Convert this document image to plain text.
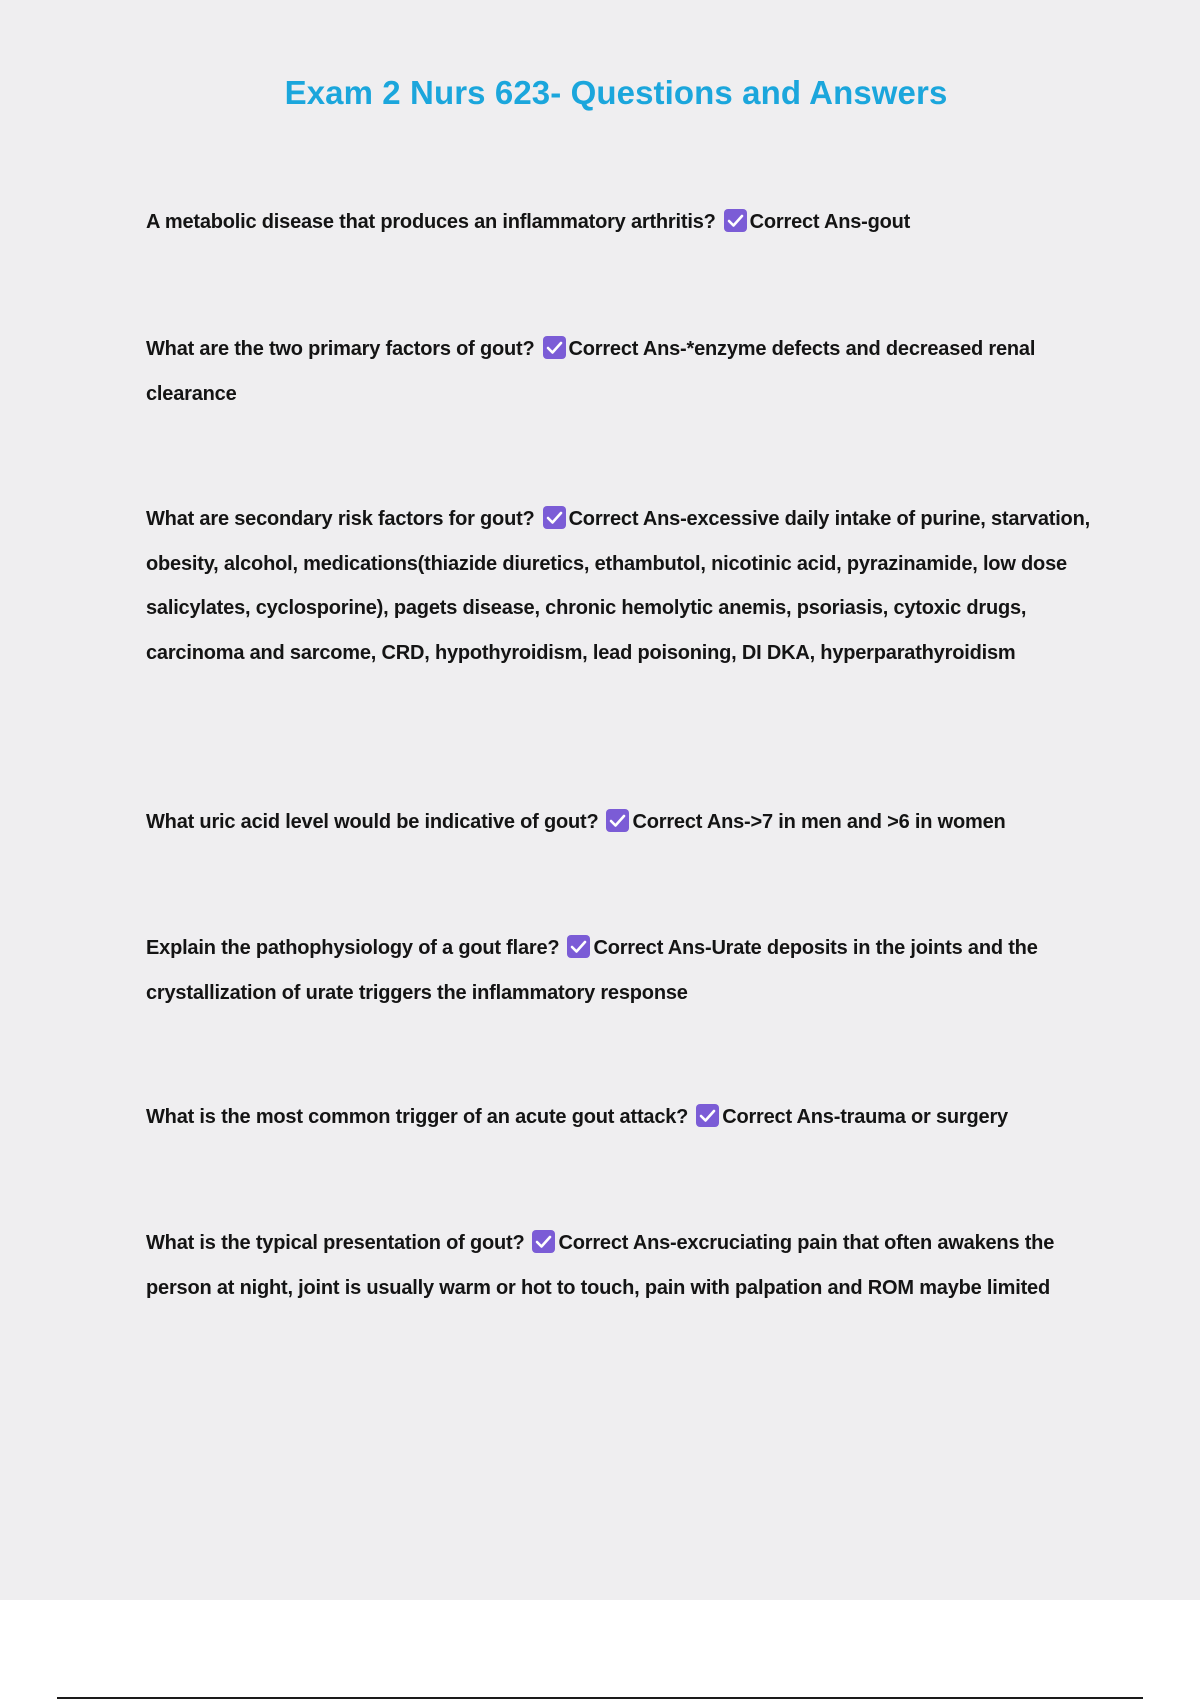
Exam 2 Nurs 623- Questions and Answers

A metabolic disease that produces an inflammatory arthritis? Correct Ans-gout

What are the two primary factors of gout? Correct Ans-*enzyme defects and decreased renal clearance

What are secondary risk factors for gout? Correct Ans-excessive daily intake of purine, starvation, obesity, alcohol, medications(thiazide diuretics, ethambutol, nicotinic acid, pyrazinamide, low dose salicylates, cyclosporine), pagets disease, chronic hemolytic anemis, psoriasis, cytoxic drugs, carcinoma and sarcome, CRD, hypothyroidism, lead poisoning, DI DKA, hyperparathyroidism

What uric acid level would be indicative of gout? Correct Ans->7 in men and >6 in women

Explain the pathophysiology of a gout flare? Correct Ans-Urate deposits in the joints and the crystallization of urate triggers the inflammatory response

What is the most common trigger of an acute gout attack? Correct Ans-trauma or surgery

What is the typical presentation of gout? Correct Ans-excruciating pain that often awakens the person at night, joint is usually warm or hot to touch, pain with palpation and ROM maybe limited
